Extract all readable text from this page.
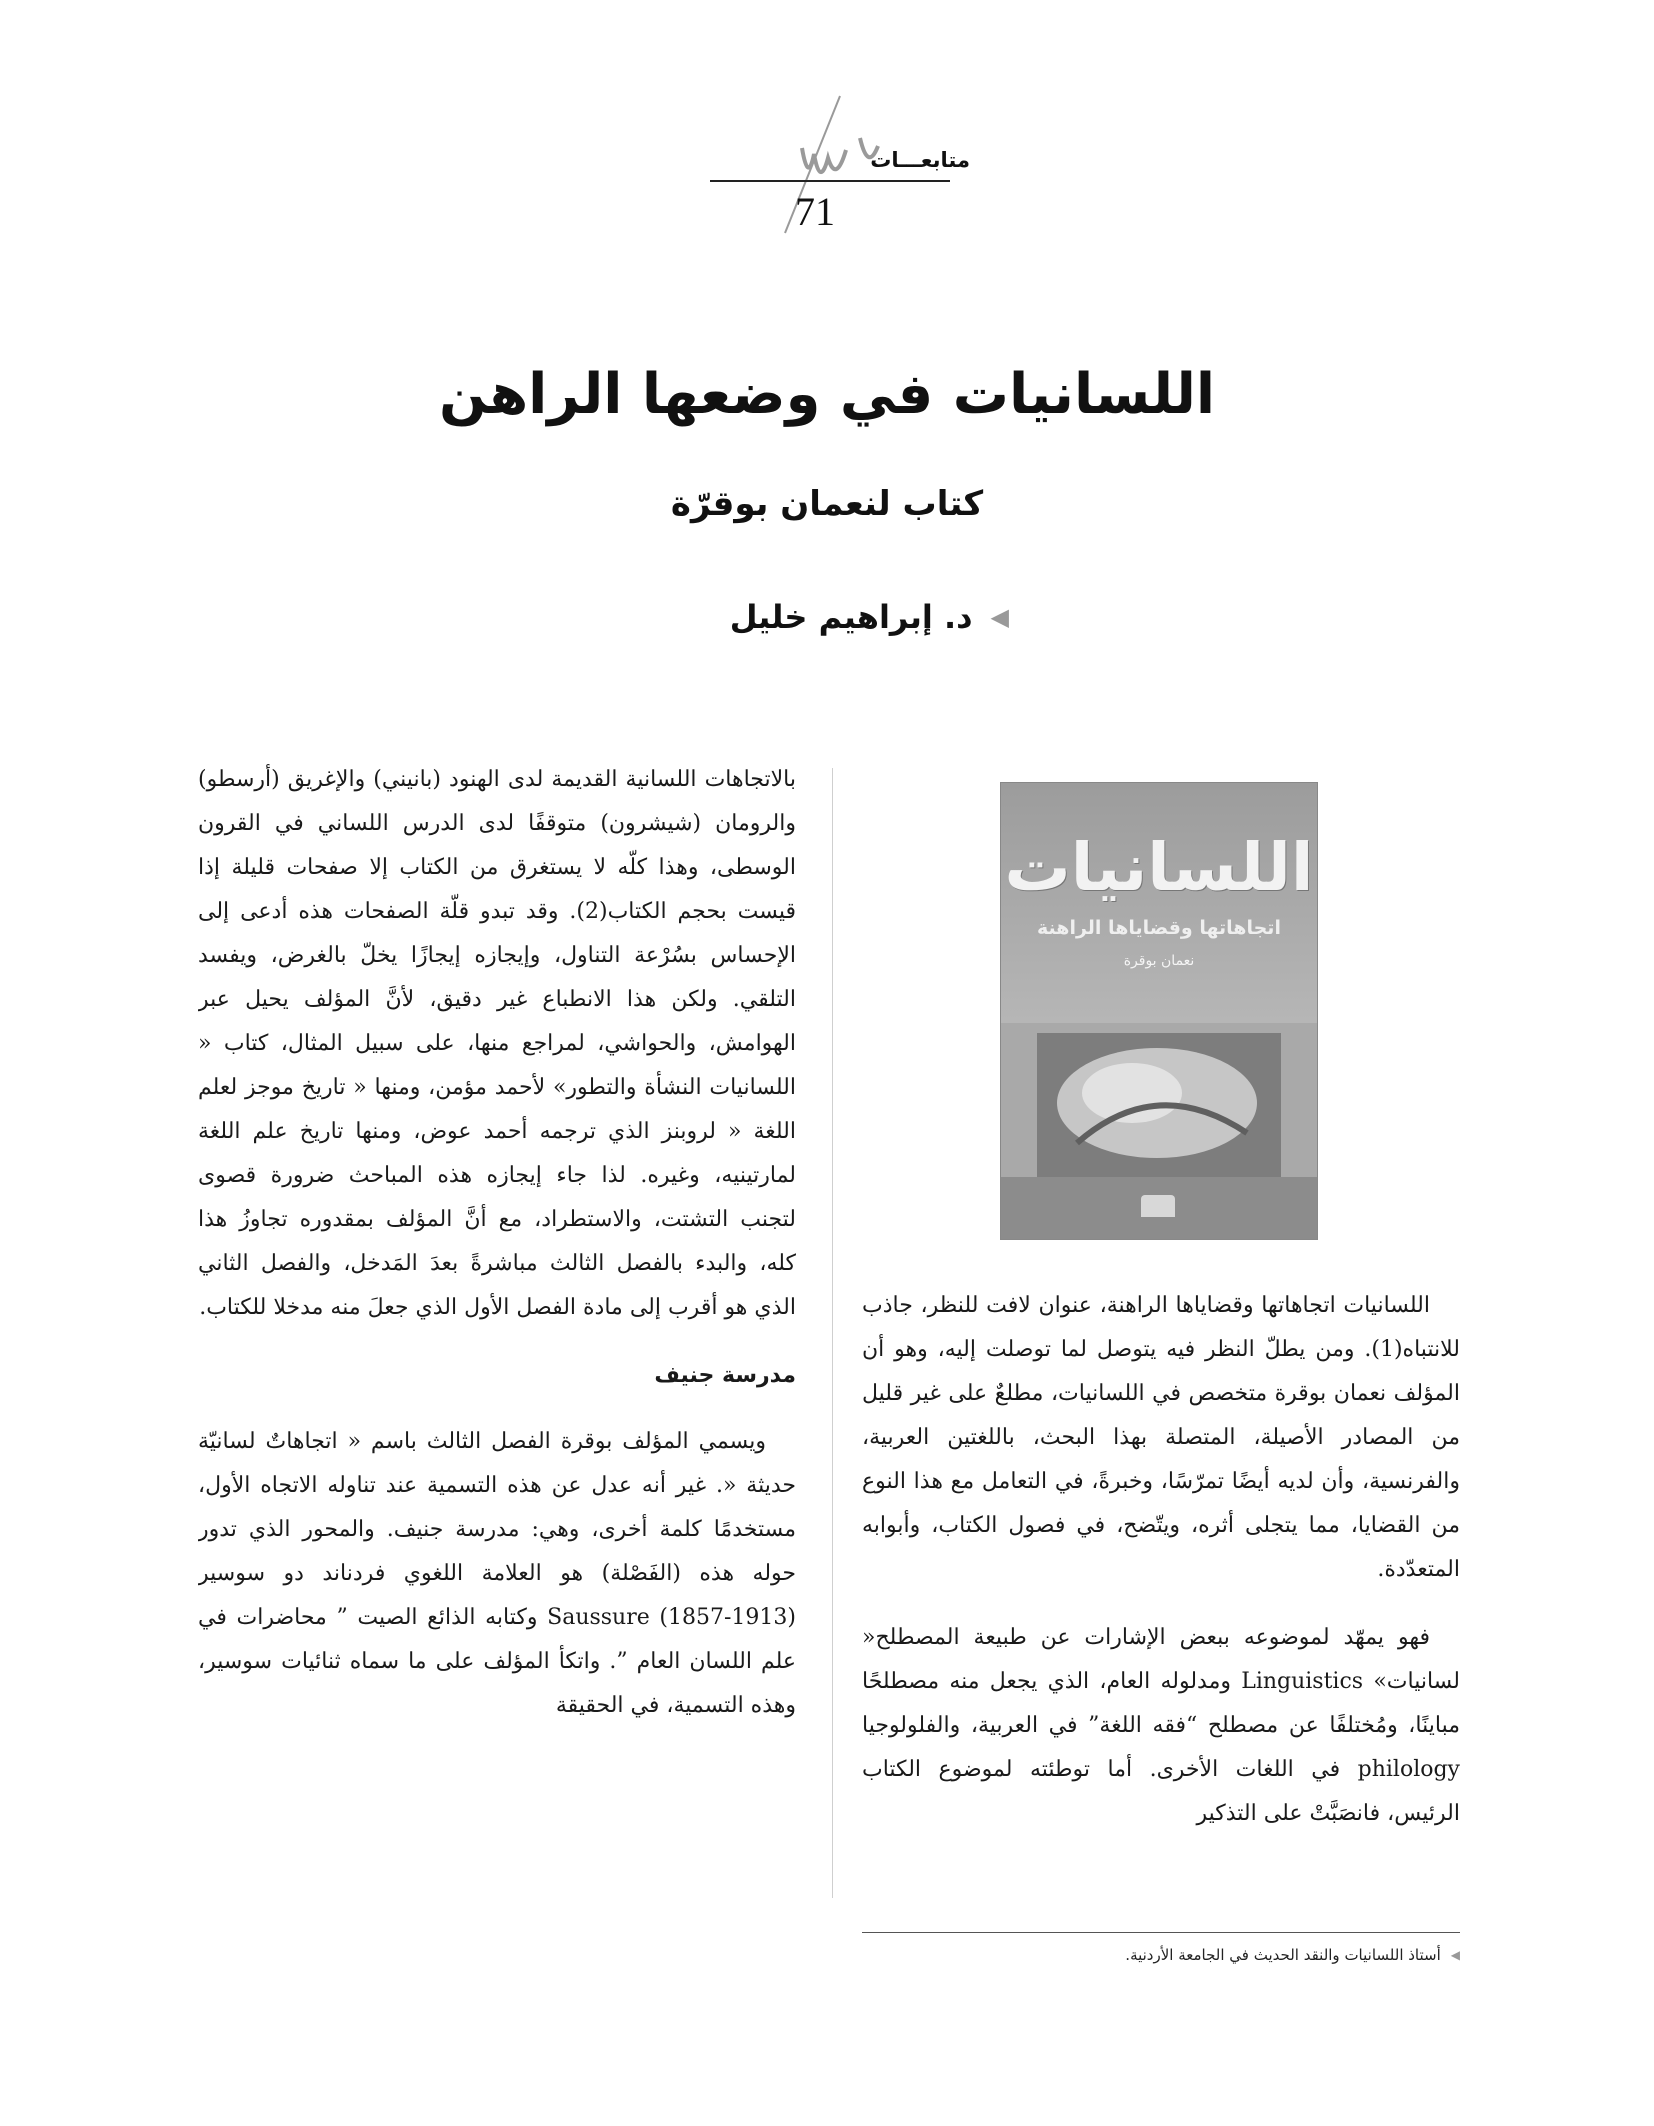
متابعـــات
71
اللسانيات في وضعها الراهن
كتاب لنعمان بوقرّة
◀
د. إبراهيم خليل
اللسانيات
اتجاهاتها وقضاياها الراهنة
نعمان بوقرة

اللسانيات اتجاهاتها وقضاياها الراهنة، عنوان لافت للنظر، جاذب للانتباه(1). ومن يطلّ النظر فيه يتوصل لما توصلت إليه، وهو أن المؤلف نعمان بوقرة متخصص في اللسانيات، مطلعٌ على غير قليل من المصادر الأصيلة، المتصلة بهذا البحث، باللغتين العربية، والفرنسية، وأن لديه أيضًا تمرّسًا، وخبرةً، في التعامل مع هذا النوع من القضايا، مما يتجلى أثره، ويتّضح، في فصول الكتاب، وأبوابه المتعدّدة.

فهو يمهّد لموضوعه ببعض الإشارات عن طبيعة المصطلح« لسانيات» Linguistics ومدلوله العام، الذي يجعل منه مصطلحًا مباينًا، ومُختلفًا عن مصطلح “فقه اللغة” في العربية، والفلولوجيا philology في اللغات الأخرى. أما توطئته لموضوع الكتاب الرئيس، فانصَبَّتْ على التذكير

بالاتجاهات اللسانية القديمة لدى الهنود (بانيني) والإغريق (أرسطو) والرومان (شيشرون) متوقفًا لدى الدرس اللساني في القرون الوسطى، وهذا كلّه لا يستغرق من الكتاب إلا صفحات قليلة إذا قيست بحجم الكتاب(2). وقد تبدو قلّة الصفحات هذه أدعى إلى الإحساس بسُرْعة التناول، وإيجازه إيجازًا يخلّ بالغرض، ويفسد التلقي. ولكن هذا الانطباع غير دقيق، لأنَّ المؤلف يحيل عبر الهوامش، والحواشي، لمراجع منها، على سبيل المثال، كتاب « اللسانيات النشأة والتطور» لأحمد مؤمن، ومنها « تاريخ موجز لعلم اللغة « لروبنز الذي ترجمه أحمد عوض، ومنها تاريخ علم اللغة لمارتينيه، وغيره. لذا جاء إيجازه هذه المباحث ضرورة قصوى لتجنب التشتت، والاستطراد، مع أنَّ المؤلف بمقدوره تجاوزُ هذا كله، والبدء بالفصل الثالث مباشرةً بعدَ المَدخل، والفصل الثاني الذي هو أقرب إلى مادة الفصل الأول الذي جعلَ منه مدخلا للكتاب.

مدرسة جنيف

ويسمي المؤلف بوقرة الفصل الثالث باسم « اتجاهاتٌ لسانيّة حديثة «. غير أنه عدل عن هذه التسمية عند تناوله الاتجاه الأول، مستخدمًا كلمة أخرى، وهي: مدرسة جنيف. والمحور الذي تدور حوله هذه (الفَصْلة) هو العلامة اللغوي فردناند دو سوسير Saussure (1857-1913) وكتابه الذائع الصيت ” محاضرات في علم اللسان العام ”. واتكأ المؤلف على ما سماه ثنائيات سوسير، وهذه التسمية، في الحقيقة

◀
أستاذ اللسانيات والنقد الحديث في الجامعة الأردنية.
